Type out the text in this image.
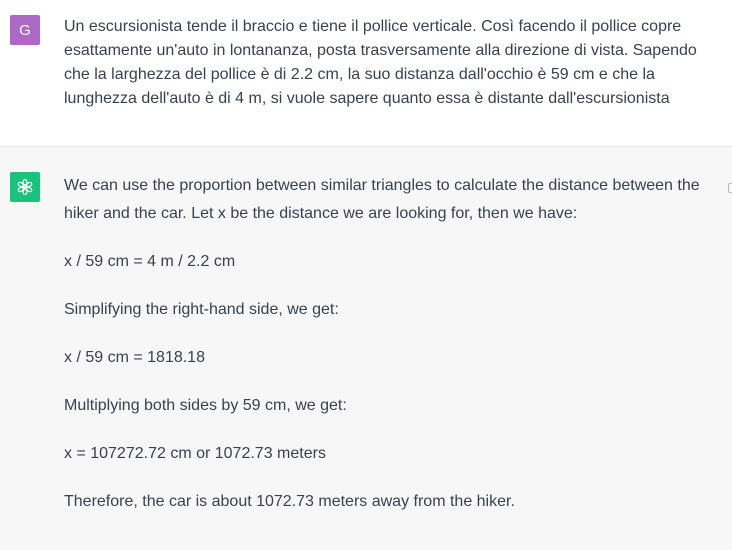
G Un escursionista tende il braccio e tiene il pollice verticale. Così facendo il pollice copre esattamente un'auto in lontananza, posta trasversamente alla direzione di vista. Sapendo che la larghezza del pollice è di 2.2 cm, la suo distanza dall'occhio è 59 cm e che la lunghezza dell'auto è di 4 m, si vuole sapere quanto essa è distante dall'escursionista

We can use the proportion between similar triangles to calculate the distance between the hiker and the car. Let x be the distance we are looking for, then we have:

x / 59 cm = 4 m / 2.2 cm

Simplifying the right-hand side, we get:

x / 59 cm = 1818.18

Multiplying both sides by 59 cm, we get:

x = 107272.72 cm or 1072.73 meters

Therefore, the car is about 1072.73 meters away from the hiker.
